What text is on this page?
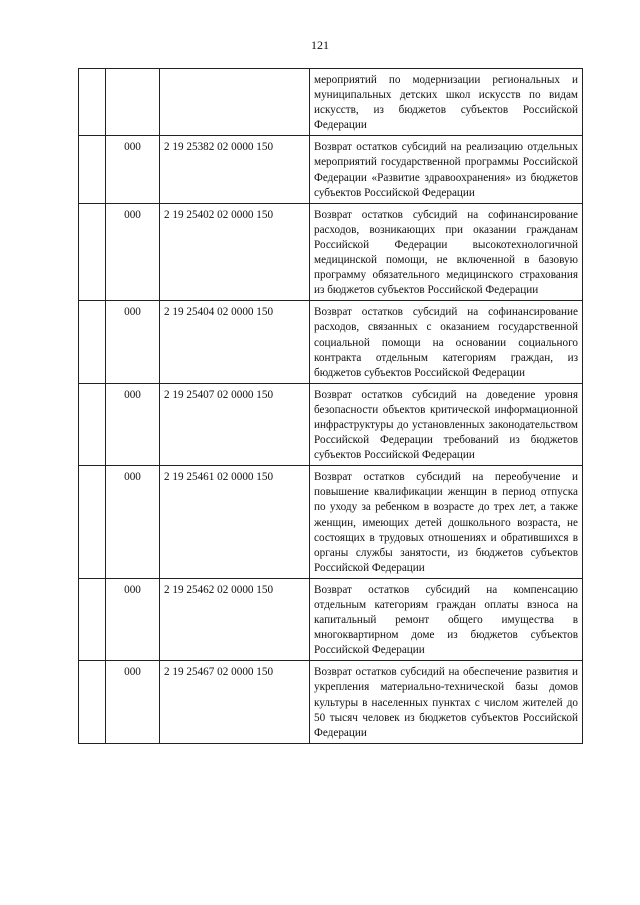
121
			мероприятий по модернизации региональных и муниципальных детских школ искусств по видам искусств, из бюджетов субъектов Российской Федерации
	000	2 19 25382 02 0000 150	Возврат остатков субсидий на реализацию отдельных мероприятий государственной программы Российской Федерации «Развитие здравоохранения» из бюджетов субъектов Российской Федерации
	000	2 19 25402 02 0000 150	Возврат остатков субсидий на софинансирование расходов, возникающих при оказании гражданам Российской Федерации высокотехнологичной медицинской помощи, не включенной в базовую программу обязательного медицинского страхования из бюджетов субъектов Российской Федерации
	000	2 19 25404 02 0000 150	Возврат остатков субсидий на софинансирование расходов, связанных с оказанием государственной социальной помощи на основании социального контракта отдельным категориям граждан, из бюджетов субъектов Российской Федерации
	000	2 19 25407 02 0000 150	Возврат остатков субсидий на доведение уровня безопасности объектов критической информационной инфраструктуры до установленных законодательством Российской Федерации требований из бюджетов субъектов Российской Федерации
	000	2 19 25461 02 0000 150	Возврат остатков субсидий на переобучение и повышение квалификации женщин в период отпуска по уходу за ребенком в возрасте до трех лет, а также женщин, имеющих детей дошкольного возраста, не состоящих в трудовых отношениях и обратившихся в органы службы занятости, из бюджетов субъектов Российской Федерации
	000	2 19 25462 02 0000 150	Возврат остатков субсидий на компенсацию отдельным категориям граждан оплаты взноса на капитальный ремонт общего имущества в многоквартирном доме из бюджетов субъектов Российской Федерации
	000	2 19 25467 02 0000 150	Возврат остатков субсидий на обеспечение развития и укрепления материально-технической базы домов культуры в населенных пунктах с числом жителей до 50 тысяч человек из бюджетов субъектов Российской Федерации
